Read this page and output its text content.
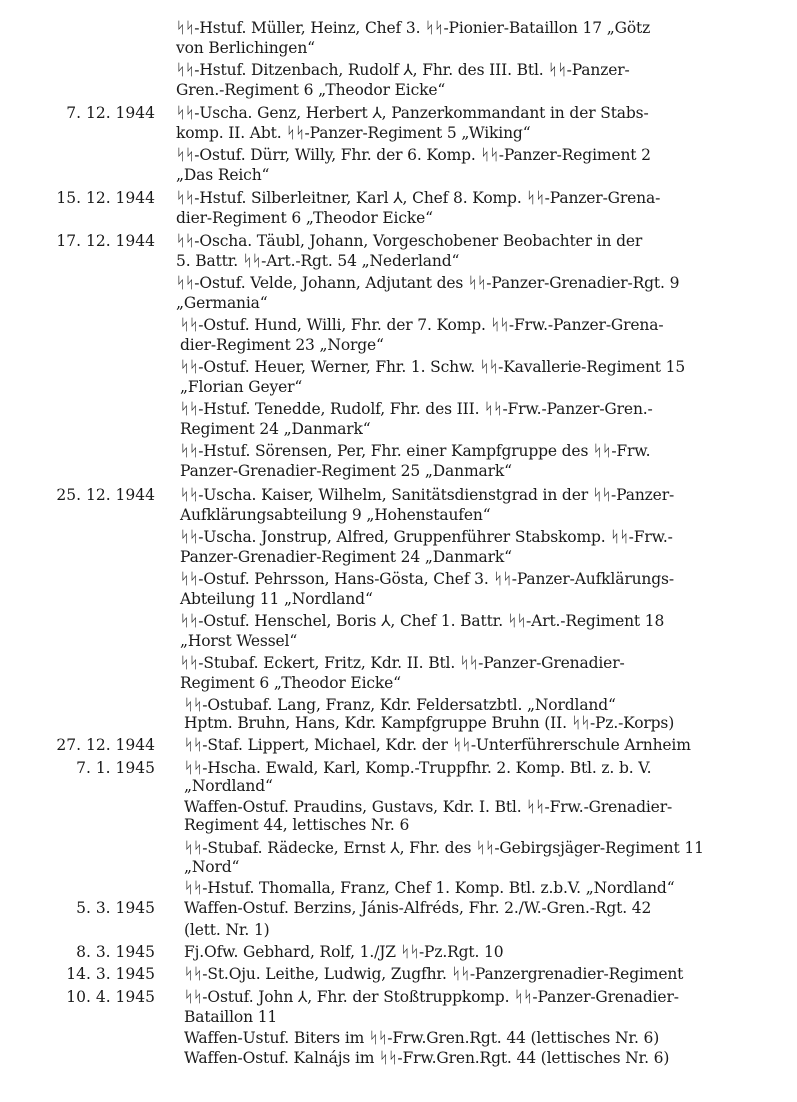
ᛋᛋ-Hstuf. Müller, Heinz, Chef 3. ᛋᛋ-Pionier-Bataillon 17 „Götz
von Berlichingen“
ᛋᛋ-Hstuf. Ditzenbach, Rudolf ⅄, Fhr. des III. Btl. ᛋᛋ-Panzer-
Gren.-Regiment 6 „Theodor Eicke“
7. 12. 1944 ᛋᛋ-Uscha. Genz, Herbert ⅄, Panzerkommandant in der Stabs-
komp. II. Abt. ᛋᛋ-Panzer-Regiment 5 „Wiking“
ᛋᛋ-Ostuf. Dürr, Willy, Fhr. der 6. Komp. ᛋᛋ-Panzer-Regiment 2
„Das Reich“
15. 12. 1944 ᛋᛋ-Hstuf. Silberleitner, Karl ⅄, Chef 8. Komp. ᛋᛋ-Panzer-Grena-
dier-Regiment 6 „Theodor Eicke“
17. 12. 1944 ᛋᛋ-Oscha. Täubl, Johann, Vorgeschobener Beobachter in der
5. Battr. ᛋᛋ-Art.-Rgt. 54 „Nederland“
ᛋᛋ-Ostuf. Velde, Johann, Adjutant des ᛋᛋ-Panzer-Grenadier-Rgt. 9
„Germania“
ᛋᛋ-Ostuf. Hund, Willi, Fhr. der 7. Komp. ᛋᛋ-Frw.-Panzer-Grena-
dier-Regiment 23 „Norge“
ᛋᛋ-Ostuf. Heuer, Werner, Fhr. 1. Schw. ᛋᛋ-Kavallerie-Regiment 15
„Florian Geyer“
ᛋᛋ-Hstuf. Tenedde, Rudolf, Fhr. des III. ᛋᛋ-Frw.-Panzer-Gren.-
Regiment 24 „Danmark“
ᛋᛋ-Hstuf. Sörensen, Per, Fhr. einer Kampfgruppe des ᛋᛋ-Frw.
Panzer-Grenadier-Regiment 25 „Danmark“
25. 12. 1944 ᛋᛋ-Uscha. Kaiser, Wilhelm, Sanitätsdienstgrad in der ᛋᛋ-Panzer-
Aufklärungsabteilung 9 „Hohenstaufen“
ᛋᛋ-Uscha. Jonstrup, Alfred, Gruppenführer Stabskomp. ᛋᛋ-Frw.-
Panzer-Grenadier-Regiment 24 „Danmark“
ᛋᛋ-Ostuf. Pehrsson, Hans-Gösta, Chef 3. ᛋᛋ-Panzer-Aufklärungs-
Abteilung 11 „Nordland“
ᛋᛋ-Ostuf. Henschel, Boris ⅄, Chef 1. Battr. ᛋᛋ-Art.-Regiment 18
„Horst Wessel“
ᛋᛋ-Stubaf. Eckert, Fritz, Kdr. II. Btl. ᛋᛋ-Panzer-Grenadier-
Regiment 6 „Theodor Eicke“
ᛋᛋ-Ostubaf. Lang, Franz, Kdr. Feldersatzbtl. „Nordland“
Hptm. Bruhn, Hans, Kdr. Kampfgruppe Bruhn (II. ᛋᛋ-Pz.-Korps)
27. 12. 1944 ᛋᛋ-Staf. Lippert, Michael, Kdr. der ᛋᛋ-Unterführerschule Arnheim
7. 1. 1945 ᛋᛋ-Hscha. Ewald, Karl, Komp.-Truppfhr. 2. Komp. Btl. z. b. V.
„Nordland“
Waffen-Ostuf. Praudins, Gustavs, Kdr. I. Btl. ᛋᛋ-Frw.-Grenadier-
Regiment 44, lettisches Nr. 6
ᛋᛋ-Stubaf. Rädecke, Ernst ⅄, Fhr. des ᛋᛋ-Gebirgsjäger-Regiment 11
„Nord“
ᛋᛋ-Hstuf. Thomalla, Franz, Chef 1. Komp. Btl. z.b.V. „Nordland“
5. 3. 1945 Waffen-Ostuf. Berzins, Jánis-Alfréds, Fhr. 2./W.-Gren.-Rgt. 42
(lett. Nr. 1)
8. 3. 1945 Fj.Ofw. Gebhard, Rolf, 1./JZ ᛋᛋ-Pz.Rgt. 10
14. 3. 1945 ᛋᛋ-St.Oju. Leithe, Ludwig, Zugfhr. ᛋᛋ-Panzergrenadier-Regiment
10. 4. 1945 ᛋᛋ-Ostuf. John ⅄, Fhr. der Stoßtruppkomp. ᛋᛋ-Panzer-Grenadier-
Bataillon 11
Waffen-Ustuf. Biters im ᛋᛋ-Frw.Gren.Rgt. 44 (lettisches Nr. 6)
Waffen-Ostuf. Kalnájs im ᛋᛋ-Frw.Gren.Rgt. 44 (lettisches Nr. 6)
